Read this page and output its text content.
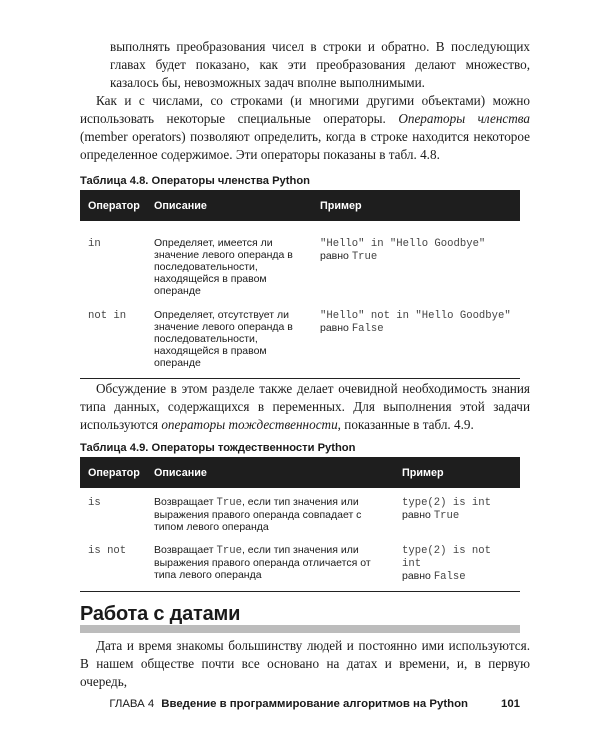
выполнять преобразования чисел в строки и обратно. В последующих главах будет показано, как эти преобразования делают множество, казалось бы, невозможных задач вполне выполнимыми.

Как и с числами, со строками (и многими другими объектами) можно использовать некоторые специальные операторы. Операторы членства (member operators) позволяют определить, когда в строке находится некоторое определенное содержимое. Эти операторы показаны в табл. 4.8.

Таблица 4.8. Операторы членства Python

Оператор	Описание	Пример
in	Определяет, имеется ли значение левого операнда в последовательности, находящейся в правом операнде	"Hello" in "Hello Goodbye"
равно True
not in	Определяет, отсутствует ли значение левого операнда в последовательности, находящейся в правом операнде	"Hello" not in "Hello Goodbye"
равно False

Обсуждение в этом разделе также делает очевидной необходимость знания типа данных, содержащихся в переменных. Для выполнения этой задачи используются операторы тождественности, показанные в табл. 4.9.

Таблица 4.9. Операторы тождественности Python

Оператор	Описание	Пример
is	Возвращает True, если тип значения или выражения правого операнда совпадает с типом левого операнда	type(2) is int
равно True
is not	Возвращает True, если тип значения или выражения правого операнда отличается от типа левого операнда	type(2) is not int
равно False
Работа с датами

Дата и время знакомы большинству людей и постоянно ими используются. В нашем обществе почти все основано на датах и времени, и, в первую очередь,

ГЛАВА 4 Введение в программирование алгоритмов на Python	101
